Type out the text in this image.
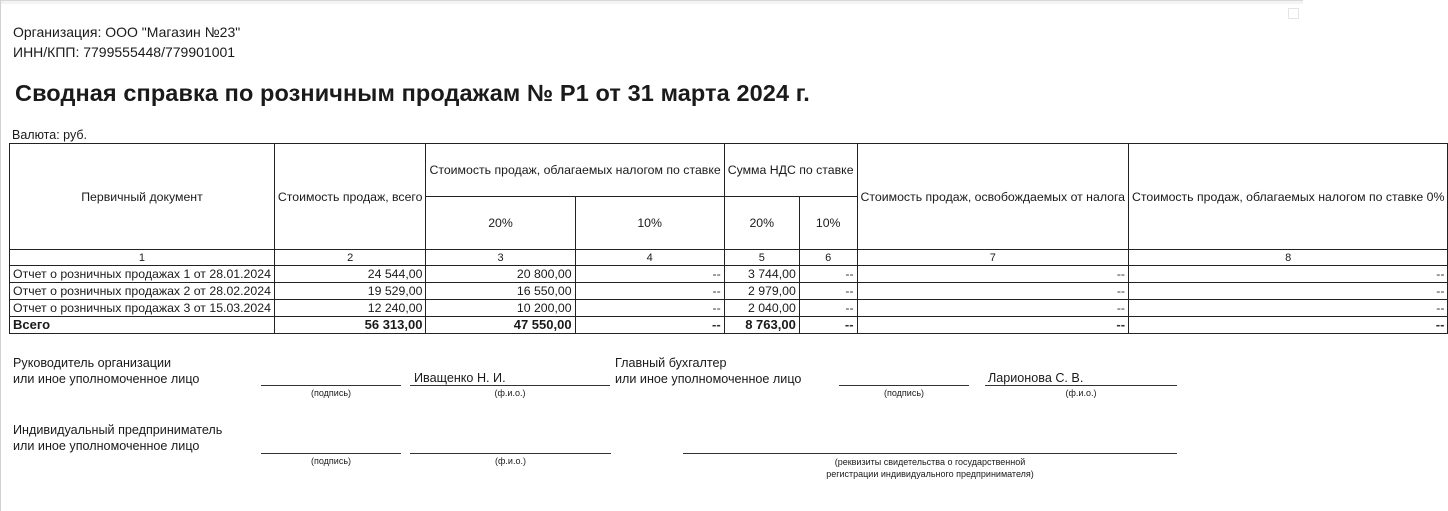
Организация: ООО "Магазин №23"
ИНН/КПП: 7799555448/779901001
Сводная справка по розничным продажам № Р1 от 31 марта 2024 г.
Валюта: руб.
Первичный документ	Стоимость продаж, всего	Стоимость продаж, облагаемых налогом по ставке		Сумма НДС по ставке		Стоимость продаж, освобождаемых от налога	Стоимость продаж, облагаемых налогом по ставке 0%
		20%	10%	20%	10%		
1	2	3	4	5	6	7	8
Отчет о розничных продажах 1 от 28.01.2024	24 544,00	20 800,00	--	3 744,00	--	--	--
Отчет о розничных продажах 2 от 28.02.2024	19 529,00	16 550,00	--	2 979,00	--	--	--
Отчет о розничных продажах 3 от 15.03.2024	12 240,00	10 200,00	--	2 040,00	--	--	--
Всего	56 313,00	47 550,00	--	8 763,00	--	--	--
Руководитель организации
или иное уполномоченное лицо
(подпись)
Иващенко Н. И.
(ф.и.о.)
Главный бухгалтер
или иное уполномоченное лицо
(подпись)
Ларионова С. В.
(ф.и.о.)
Индивидуальный предприниматель
или иное уполномоченное лицо
(подпись)	(ф.и.о.)	(реквизиты свидетельства о государственной
регистрации индивидуального предпринимателя)
